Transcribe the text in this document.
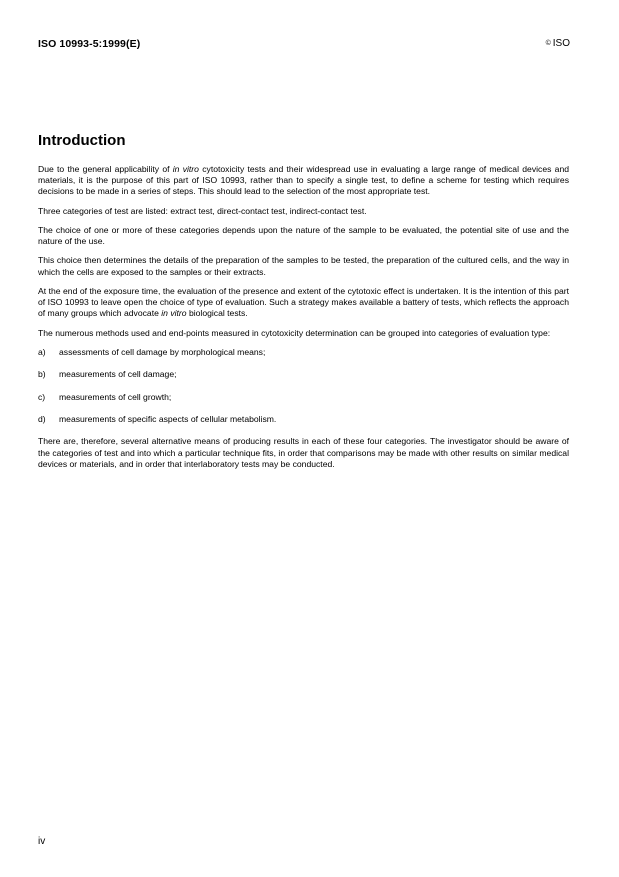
ISO 10993-5:1999(E)	© ISO
Introduction

Due to the general applicability of in vitro cytotoxicity tests and their widespread use in evaluating a large range of medical devices and materials, it is the purpose of this part of ISO 10993, rather than to specify a single test, to define a scheme for testing which requires decisions to be made in a series of steps. This should lead to the selection of the most appropriate test.

Three categories of test are listed: extract test, direct-contact test, indirect-contact test.

The choice of one or more of these categories depends upon the nature of the sample to be evaluated, the potential site of use and the nature of the use.

This choice then determines the details of the preparation of the samples to be tested, the preparation of the cultured cells, and the way in which the cells are exposed to the samples or their extracts.

At the end of the exposure time, the evaluation of the presence and extent of the cytotoxic effect is undertaken. It is the intention of this part of ISO 10993 to leave open the choice of type of evaluation. Such a strategy makes available a battery of tests, which reflects the approach of many groups which advocate in vitro biological tests.

The numerous methods used and end-points measured in cytotoxicity determination can be grouped into categories of evaluation type:

a)	assessments of cell damage by morphological means;
b)	measurements of cell damage;
c)	measurements of cell growth;
d)	measurements of specific aspects of cellular metabolism.

There are, therefore, several alternative means of producing results in each of these four categories. The investigator should be aware of the categories of test and into which a particular technique fits, in order that comparisons may be made with other results on similar medical devices or materials, and in order that interlaboratory tests may be conducted.

iv
